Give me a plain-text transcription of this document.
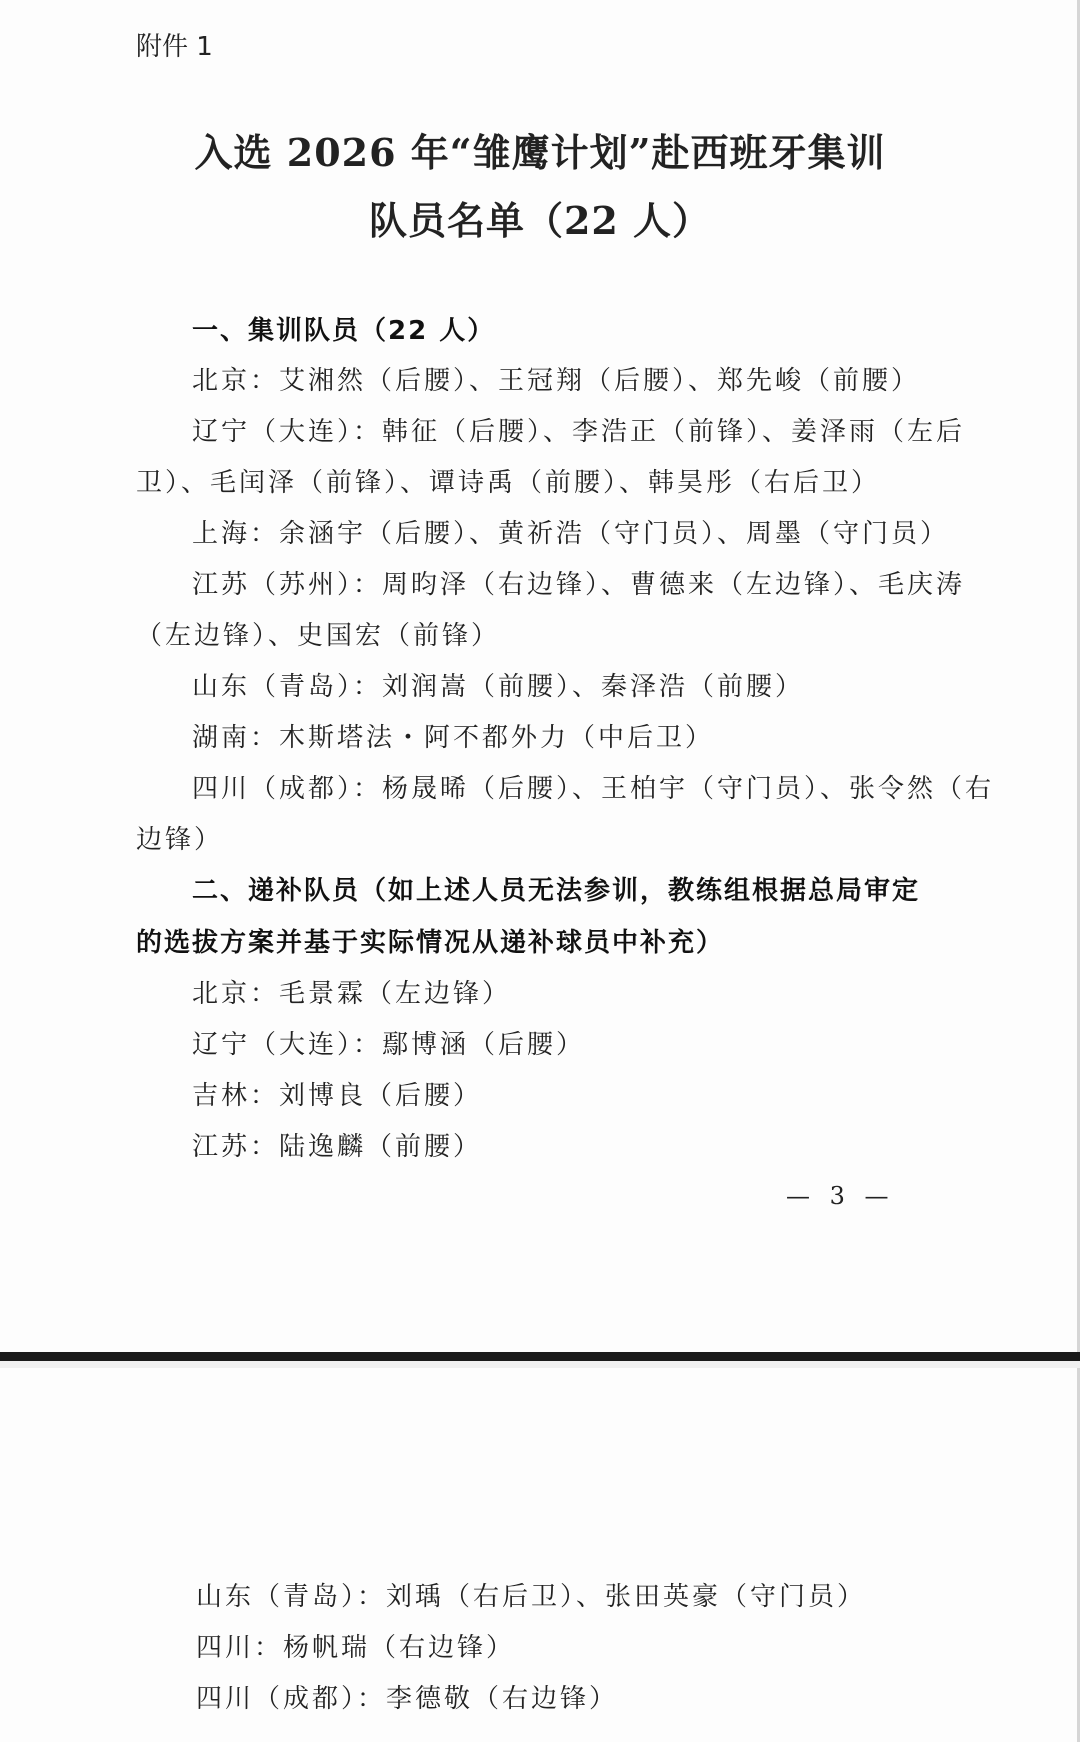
附件 1
入选 2026 年“雏鹰计划”赴西班牙集训
队员名单（22 人）
一、集训队员（22 人）
北京：艾湘然（后腰）、王冠翔（后腰）、郑先峻（前腰）
辽宁（大连）：韩征（后腰）、李浩正（前锋）、姜泽雨（左后
卫）、毛闰泽（前锋）、谭诗禹（前腰）、韩昊彤（右后卫）
上海：余涵宇（后腰）、黄祈浩（守门员）、周墨（守门员）
江苏（苏州）：周昀泽（右边锋）、曹德来（左边锋）、毛庆涛
（左边锋）、史国宏（前锋）
山东（青岛）：刘润嵩（前腰）、秦泽浩（前腰）
湖南：木斯塔法・阿不都外力（中后卫）
四川（成都）：杨晟晞（后腰）、王柏宇（守门员）、张令然（右
边锋）
二、递补队员（如上述人员无法参训，教练组根据总局审定
的选拔方案并基于实际情况从递补球员中补充）
北京：毛景霖（左边锋）
辽宁（大连）：鄢博涵（后腰）
吉林：刘博良（后腰）
江苏：陆逸麟（前腰）
— 3 —
山东（青岛）：刘瑀（右后卫）、张田英豪（守门员）
四川：杨帆瑞（右边锋）
四川（成都）：李德敬（右边锋）
